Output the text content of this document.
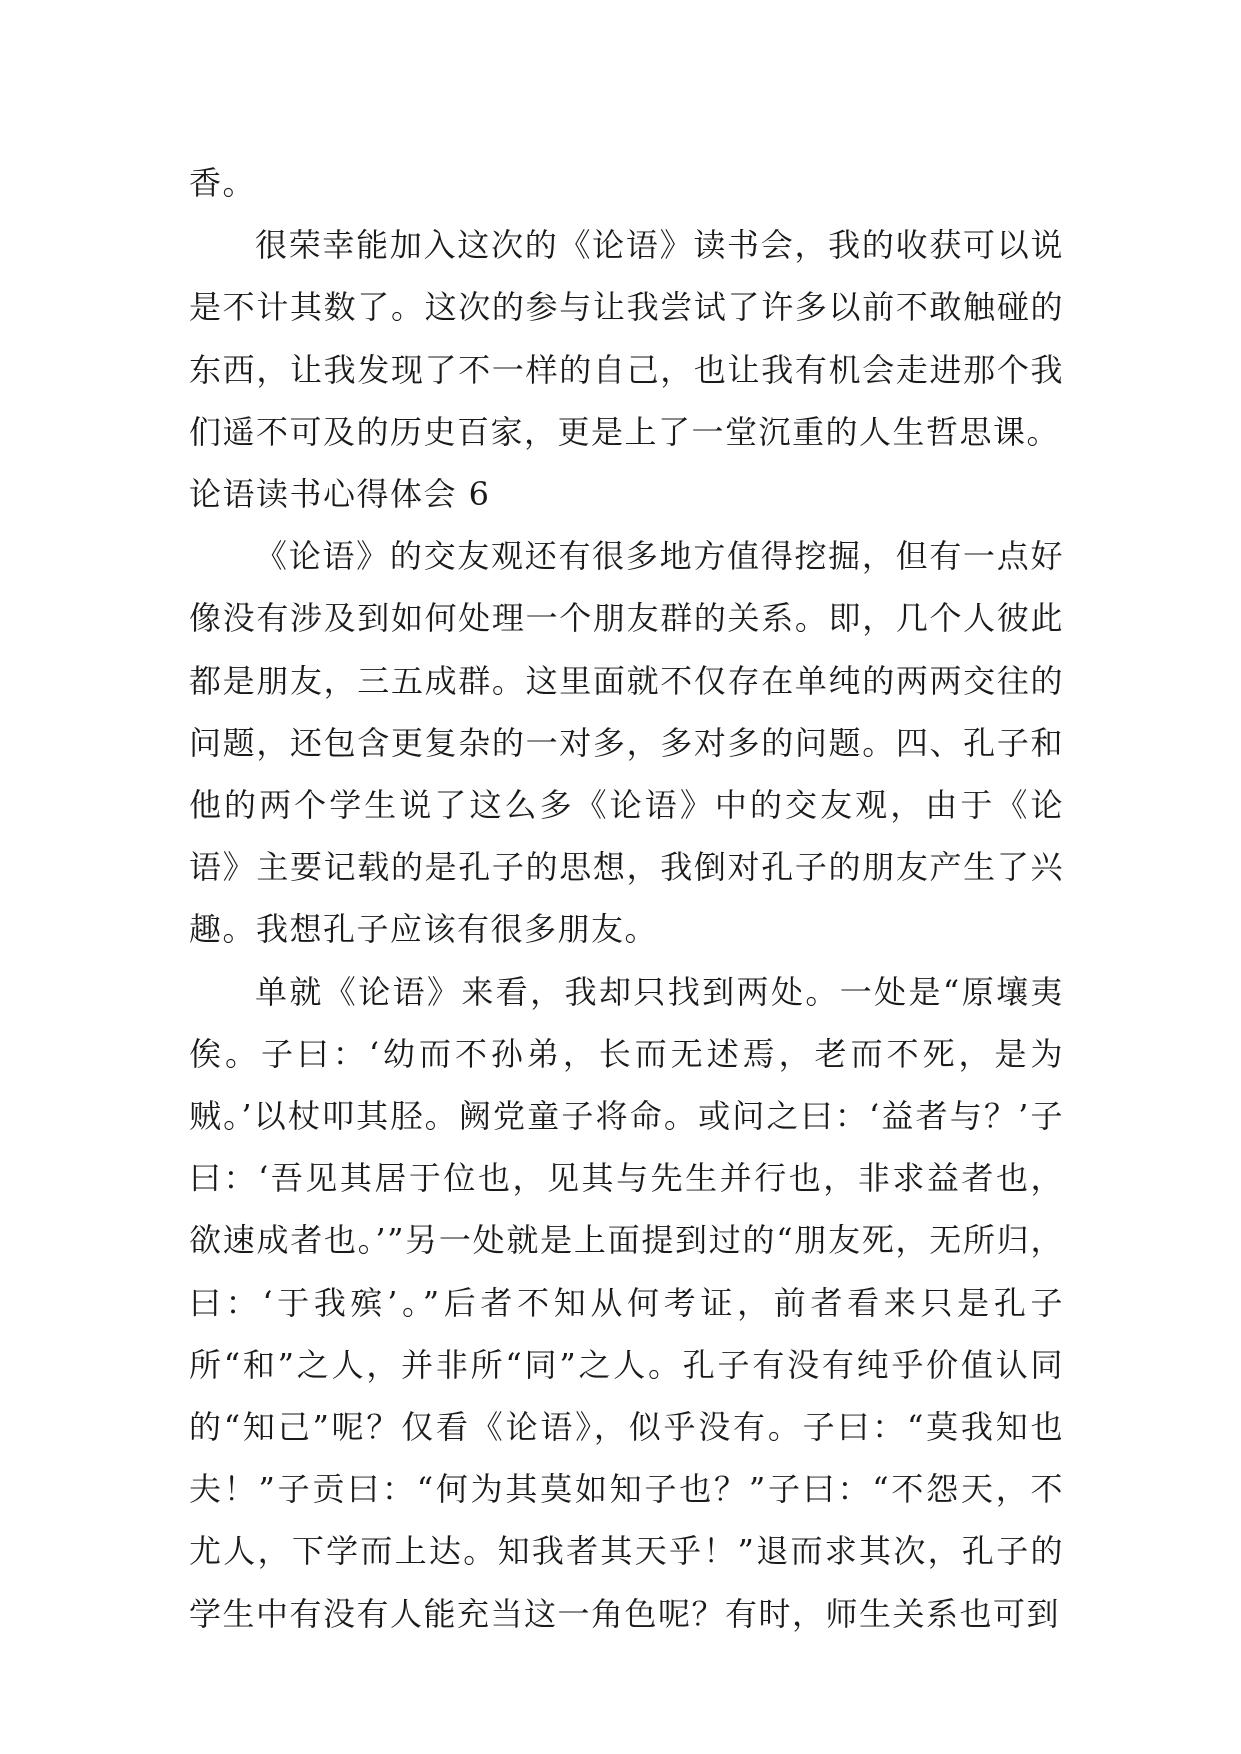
香。

很荣幸能加入这次的《论语》读书会，我的收获可以说是不计其数了。这次的参与让我尝试了许多以前不敢触碰的东西，让我发现了不一样的自己，也让我有机会走进那个我们遥不可及的历史百家，更是上了一堂沉重的人生哲思课。

论语读书心得体会 6

《论语》的交友观还有很多地方值得挖掘，但有一点好像没有涉及到如何处理一个朋友群的关系。即，几个人彼此都是朋友，三五成群。这里面就不仅存在单纯的两两交往的问题，还包含更复杂的一对多，多对多的问题。四、孔子和他的两个学生说了这么多《论语》中的交友观，由于《论语》主要记载的是孔子的思想，我倒对孔子的朋友产生了兴趣。我想孔子应该有很多朋友。

单就《论语》来看，我却只找到两处。一处是“原壤夷俟。子曰：‘幼而不孙弟，长而无述焉，老而不死，是为贼。’以杖叩其胫。阙党童子将命。或问之曰：‘益者与？’子曰：‘吾见其居于位也，见其与先生并行也，非求益者也，欲速成者也。’”另一处就是上面提到过的“朋友死，无所归，曰：‘于我殡’。”后者不知从何考证，前者看来只是孔子所“和”之人，并非所“同”之人。孔子有没有纯乎价值认同的“知己”呢？仅看《论语》，似乎没有。子曰：“莫我知也夫！”子贡曰：“何为其莫如知子也？”子曰：“不怨天，不尤人，下学而上达。知我者其天乎！”退而求其次，孔子的学生中有没有人能充当这一角色呢？有时，师生关系也可到
